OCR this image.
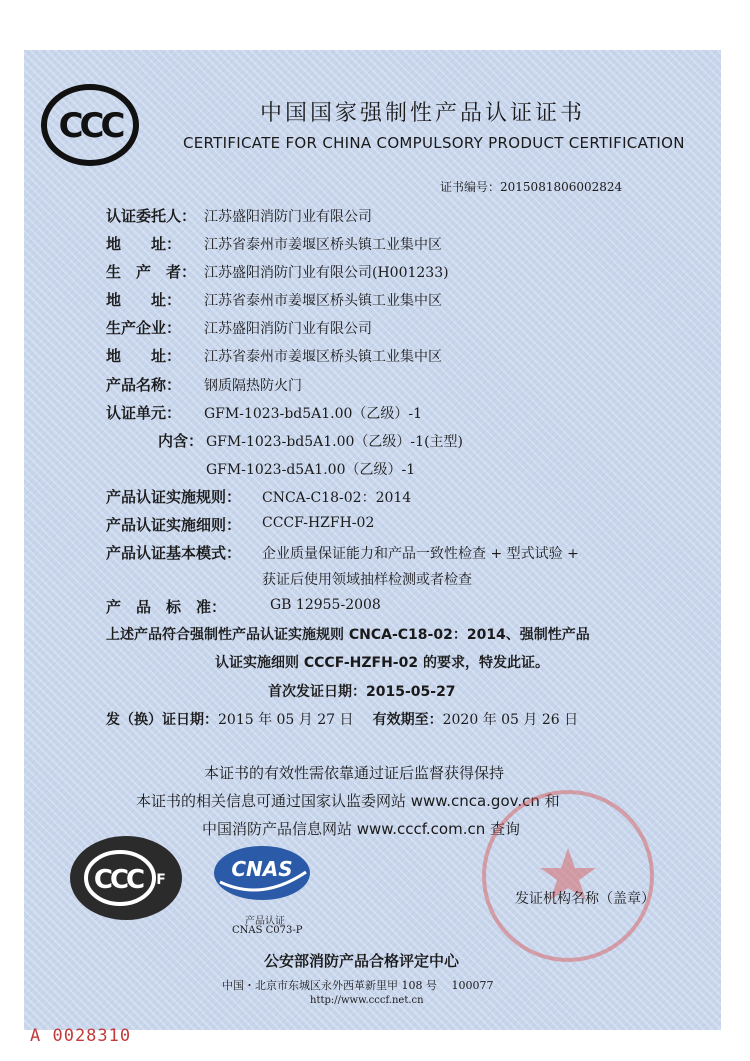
CCC	中国国家强制性产品认证证书
CERTIFICATE FOR CHINA COMPULSORY PRODUCT CERTIFICATION
证书编号：2015081806002824
认证委托人： 江苏盛阳消防门业有限公司
地　　址： 江苏省泰州市姜堰区桥头镇工业集中区
生　产　者： 江苏盛阳消防门业有限公司(H001233)
地　　址： 江苏省泰州市姜堰区桥头镇工业集中区
生产企业： 江苏盛阳消防门业有限公司
地　　址： 江苏省泰州市姜堰区桥头镇工业集中区
产品名称： 钢质隔热防火门
认证单元： GFM-1023-bd5A1.00（乙级）-1
内含： GFM-1023-bd5A1.00（乙级）-1(主型)
GFM-1023-d5A1.00（乙级）-1
产品认证实施规则： CNCA-C18-02：2014
产品认证实施细则： CCCF-HZFH-02
产品认证基本模式： 企业质量保证能力和产品一致性检查 + 型式试验 +
获证后使用领域抽样检测或者检查
产　品　标　准：	GB 12955-2008
上述产品符合强制性产品认证实施规则 CNCA-C18-02：2014、强制性产品
认证实施细则 CCCF-HZFH-02 的要求，特发此证。
首次发证日期：2015-05-27
发（换）证日期：2015 年 05 月 27 日 有效期至：2020 年 05 月 26 日
本证书的有效性需依靠通过证后监督获得保持
本证书的相关信息可通过国家认监委网站 www.cnca.gov.cn 和
中国消防产品信息网站 www.cccf.com.cn 查询
CCC F	CNAS
产品认证
CNAS C073-P
发证机构名称（盖章）
公安部消防产品合格评定中心
中国・北京市东城区永外西革新里甲 108 号　 100077
http://www.cccf.net.cn
A 0028310
